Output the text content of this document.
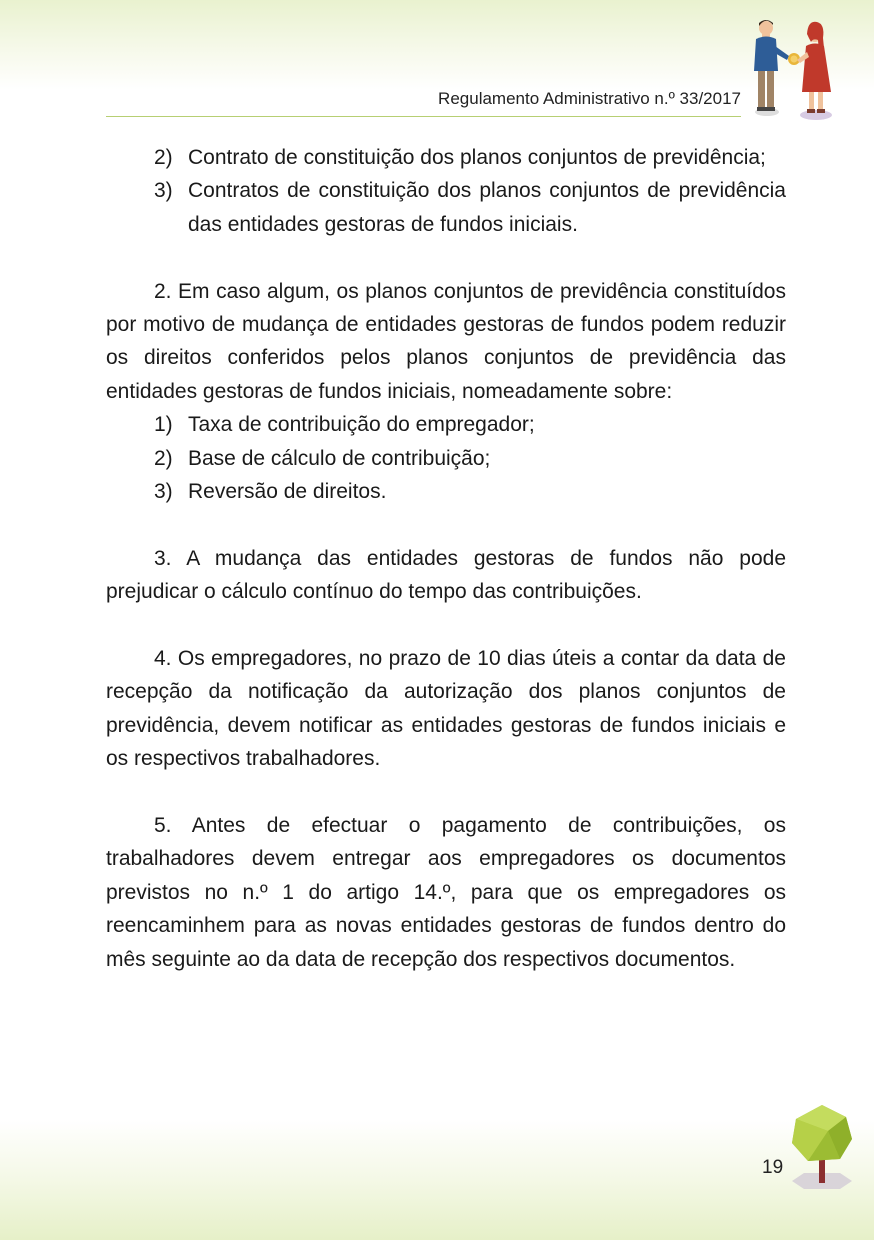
Regulamento Administrativo n.º 33/2017
2) Contrato de constituição dos planos conjuntos de previdência;
3) Contratos de constituição dos planos conjuntos de previdência das entidades gestoras de fundos iniciais.

2. Em caso algum, os planos conjuntos de previdência constituídos por motivo de mudança de entidades gestoras de fundos podem reduzir os direitos conferidos pelos planos conjuntos de previdência das entidades gestoras de fundos iniciais, nomeadamente sobre:

1) Taxa de contribuição do empregador;
2) Base de cálculo de contribuição;
3) Reversão de direitos.

3. A mudança das entidades gestoras de fundos não pode prejudicar o cálculo contínuo do tempo das contribuições.

4. Os empregadores, no prazo de 10 dias úteis a contar da data de recepção da notificação da autorização dos planos conjuntos de previdência, devem notificar as entidades gestoras de fundos iniciais e os respectivos trabalhadores.

5. Antes de efectuar o pagamento de contribuições, os trabalhadores devem entregar aos empregadores os documentos previstos no n.º 1 do artigo 14.º, para que os empregadores os reencaminhem para as novas entidades gestoras de fundos dentro do mês seguinte ao da data de recepção dos respectivos documentos.

19
